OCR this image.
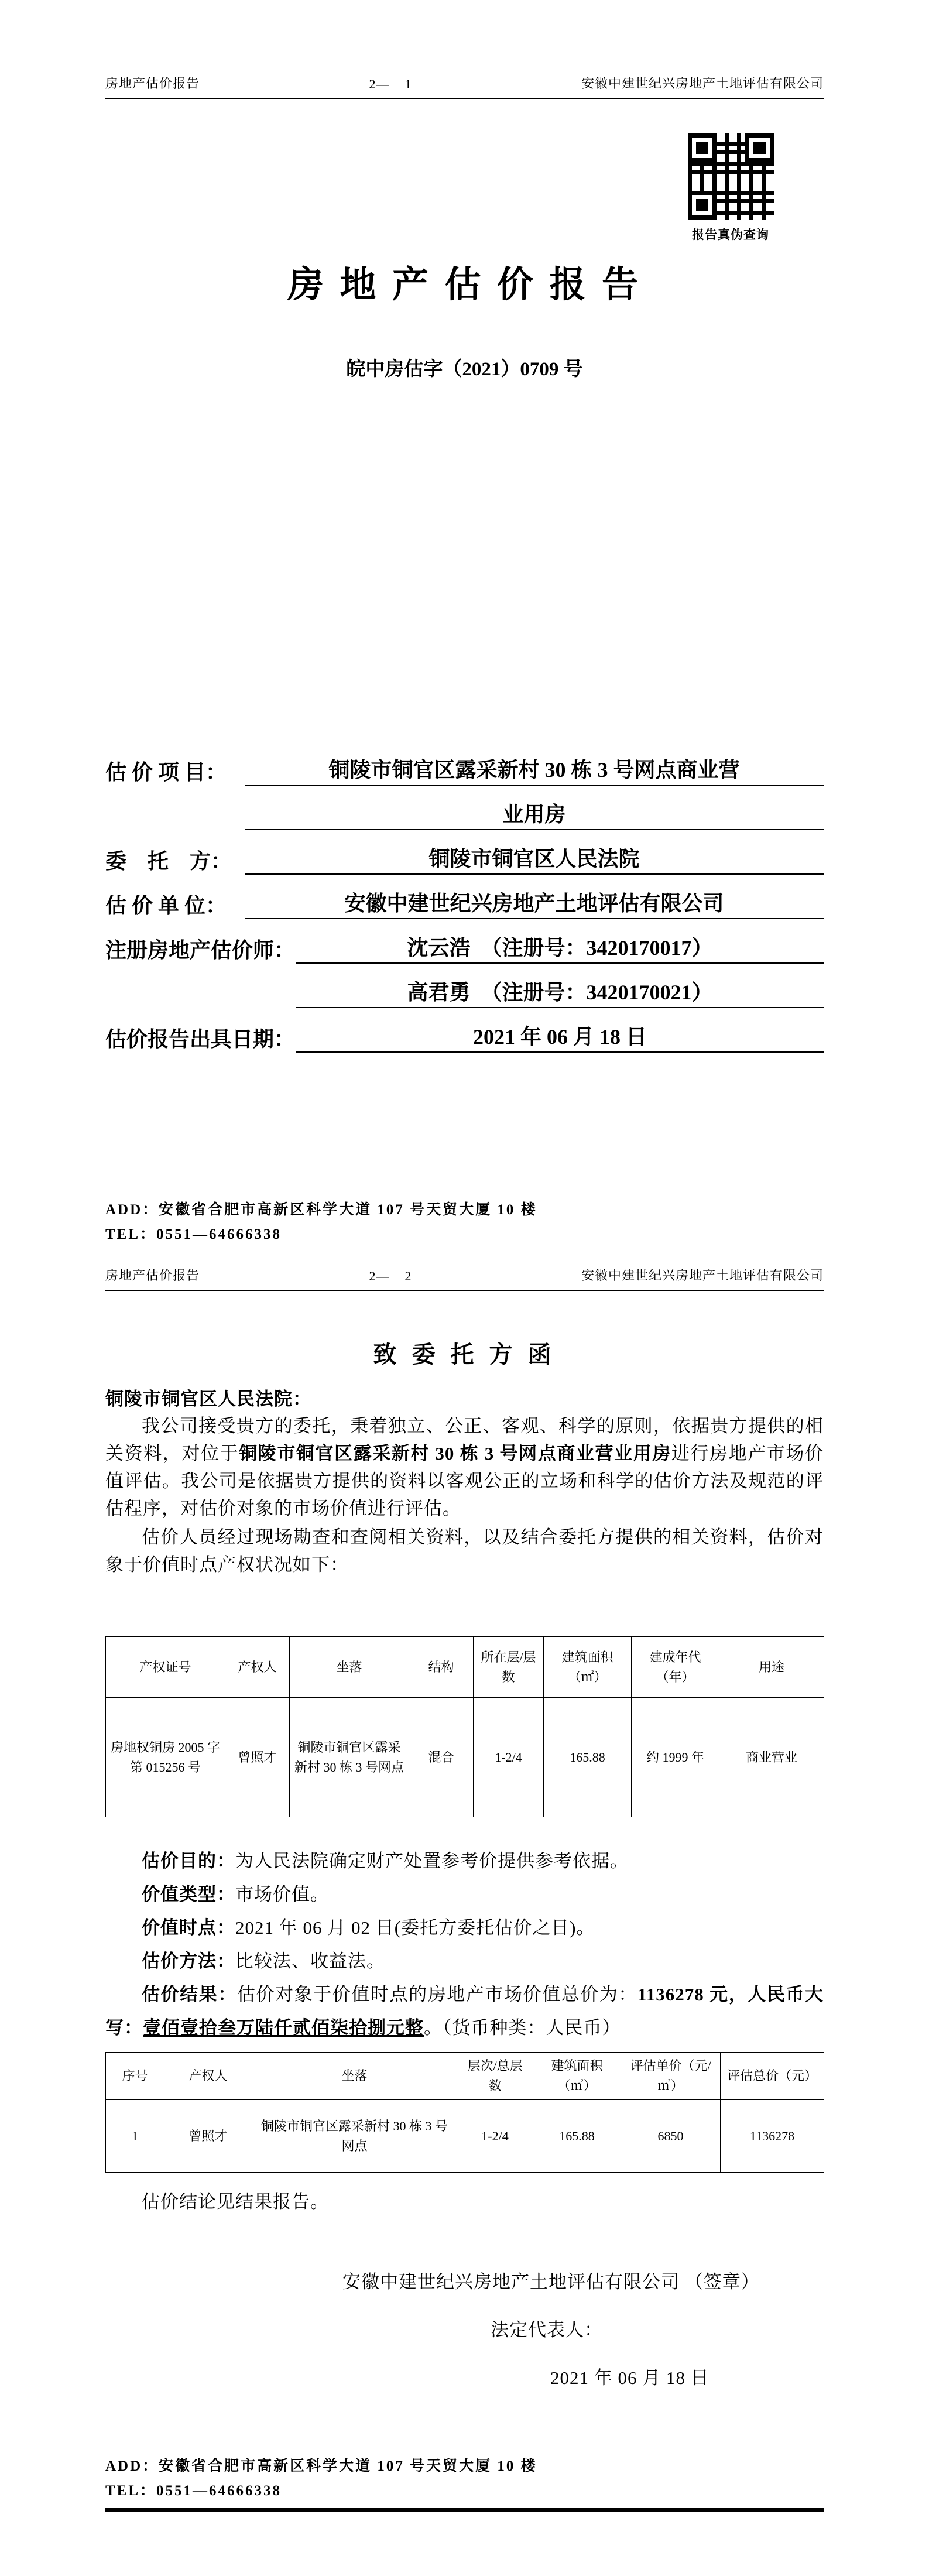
房地产估价报告	2—    1	安徽中建世纪兴房地产土地评估有限公司
报告真伪查询
房 地 产 估 价 报 告
皖中房估字（2021）0709 号
估 价 项 目：	铜陵市铜官区露采新村 30 栋 3 号网点商业营
业用房
委　托　方：	铜陵市铜官区人民法院
估 价 单 位：	安徽中建世纪兴房地产土地评估有限公司
注册房地产估价师：	沈云浩　（注册号：3420170017）
高君勇　（注册号：3420170021）
估价报告出具日期：	2021 年 06 月 18 日
ADD：安徽省合肥市高新区科学大道 107 号天贸大厦 10 楼
TEL：0551—64666338
房地产估价报告	2—    2	安徽中建世纪兴房地产土地评估有限公司
致 委 托 方 函
铜陵市铜官区人民法院：
我公司接受贵方的委托，秉着独立、公正、客观、科学的原则，依据贵方提供的相关资料，对位于铜陵市铜官区露采新村 30 栋 3 号网点商业营业用房进行房地产市场价值评估。我公司是依据贵方提供的资料以客观公正的立场和科学的估价方法及规范的评估程序，对估价对象的市场价值进行评估。
估价人员经过现场勘查和查阅相关资料，以及结合委托方提供的相关资料，估价对象于价值时点产权状况如下：
产权证号	产权人	坐落	结构	所在层/层数	建筑面积（㎡）	建成年代（年）	用途
房地权铜房 2005 字第 015256 号	曾照才	铜陵市铜官区露采新村 30 栋 3 号网点	混合	1-2/4	165.88	约 1999 年	商业营业
估价目的：为人民法院确定财产处置参考价提供参考依据。
价值类型：市场价值。
价值时点：2021 年 06 月 02 日(委托方委托估价之日)。
估价方法：比较法、收益法。
估价结果：估价对象于价值时点的房地产市场价值总价为：1136278 元，人民币大写：壹佰壹拾叁万陆仟贰佰柒拾捌元整。（货币种类：人民币）
序号	产权人	坐落	层次/总层数	建筑面积（㎡）	评估单价（元/㎡）	评估总价（元）
1	曾照才	铜陵市铜官区露采新村 30 栋 3 号网点	1-2/4	165.88	6850	1136278
估价结论见结果报告。
安徽中建世纪兴房地产土地评估有限公司 （签章）
法定代表人：
2021 年 06 月 18 日
ADD：安徽省合肥市高新区科学大道 107 号天贸大厦 10 楼
TEL：0551—64666338
